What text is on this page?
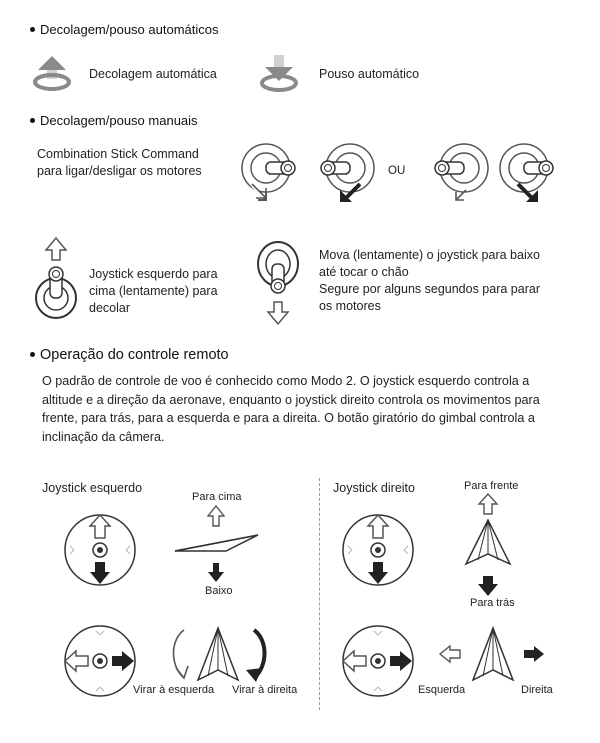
Decolagem/pouso automáticos
Decolagem automática	Pouso automático
Decolagem/pouso manuais
Combination Stick Command
para ligar/desligar os motores	OU
Joystick esquerdo para
cima (lentamente) para
decolar
Mova (lentamente) o joystick para baixo
até tocar o chão
Segure por alguns segundos para parar
os motores
Operação do controle remoto
O padrão de controle de voo é conhecido como Modo 2. O joystick esquerdo controla a
altitude e a direção da aeronave, enquanto o joystick direito controla os movimentos para
frente, para trás, para a esquerda e para a direita. O botão giratório do gimbal controla a
inclinação da câmera.
Joystick esquerdo	Joystick direito
Para cima
Baixo
Virar à esquerda Virar à direita
Para frente
Para trás
Esquerda	Direita
